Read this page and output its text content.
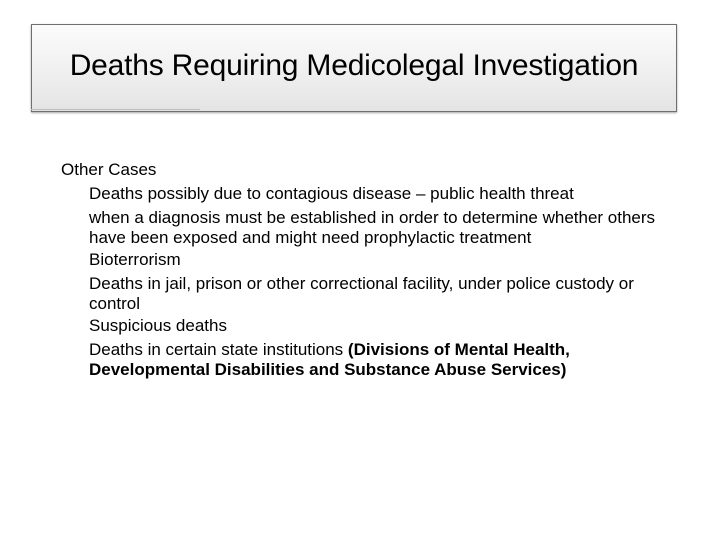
Deaths Requiring Medicolegal Investigation
Other Cases
Deaths possibly due to contagious disease – public health threat
when a diagnosis must be established in order to determine whether others have been exposed and might need prophylactic treatment
Bioterrorism
Deaths in jail, prison or other correctional facility, under police custody or control
Suspicious deaths
Deaths in certain state institutions (Divisions of Mental Health, Developmental Disabilities and Substance Abuse Services)
